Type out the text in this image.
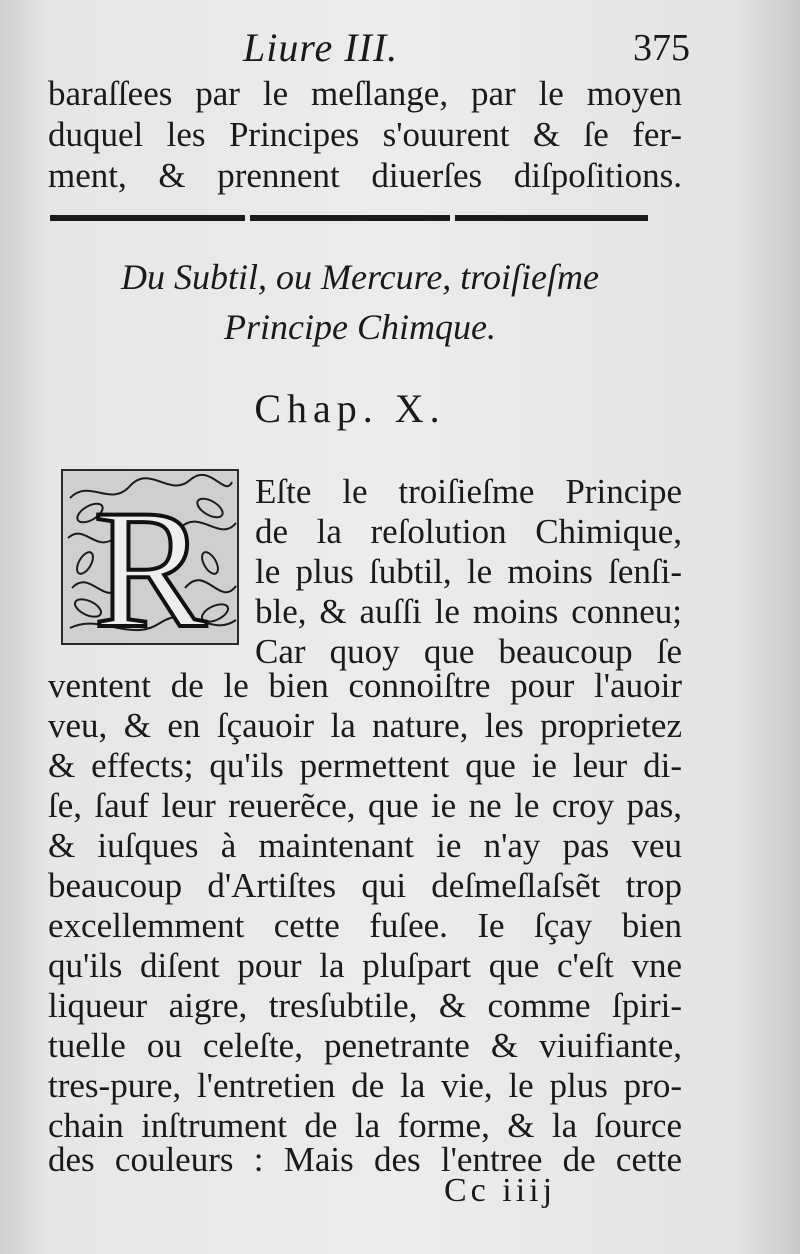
Liure III.	375
baraſſees par le meſlange, par le moyen
duquel les Principes s'ouurent & ſe fer-
ment, & prennent diuerſes diſpoſitions.
Du Subtil, ou Mercure, troiſieſme
Principe Chimque.
Chap. X.
R Eſte le troiſieſme Principe
de la reſolution Chimique,
le plus ſubtil, le moins ſenſi-
ble, & auſſi le moins conneu;
Car quoy que beaucoup ſe
ventent de le bien connoiſtre pour l'auoir
veu, & en ſçauoir la nature, les proprietez
& effects; qu'ils permettent que ie leur di-
ſe, ſauf leur reuerẽce, que ie ne le croy pas,
& iuſques à maintenant ie n'ay pas veu
beaucoup d'Artiſtes qui deſmeſlaſsẽt trop
excellemment cette fuſee. Ie ſçay bien
qu'ils diſent pour la pluſpart que c'eſt vne
liqueur aigre, tresſubtile, & comme ſpiri-
tuelle ou celeſte, penetrante & viuifiante,
tres-pure, l'entretien de la vie, le plus pro-
chain inſtrument de la forme, & la ſource
des couleurs : Mais des l'entree de cette
Cc iiij
